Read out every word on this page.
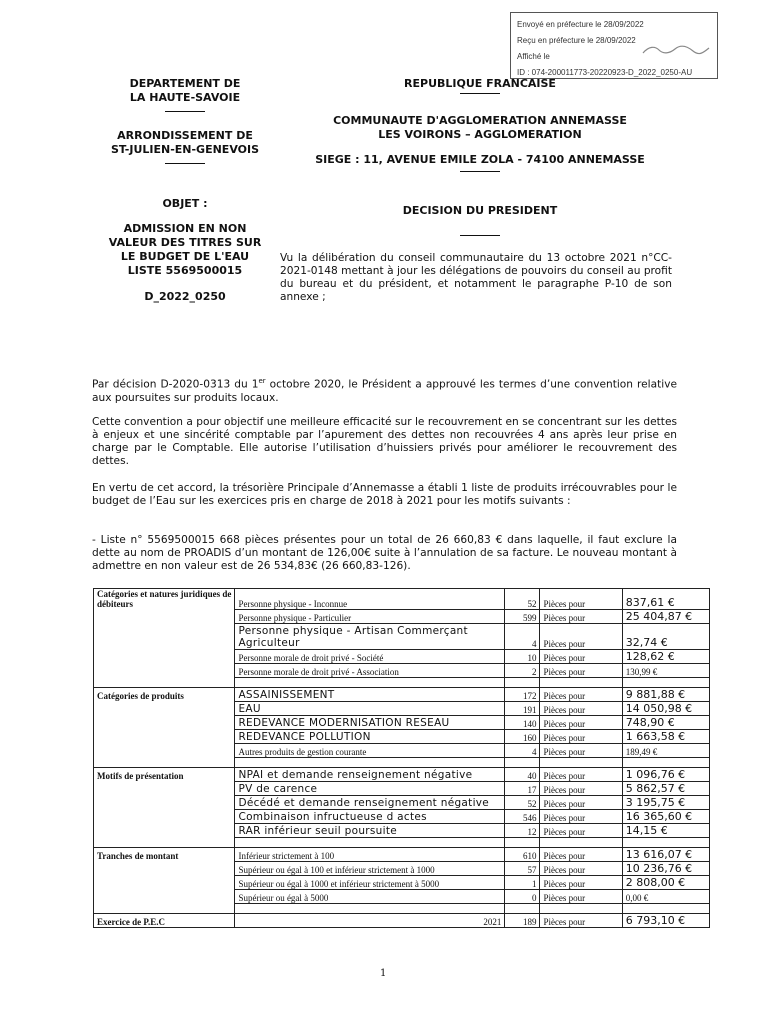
Envoyé en préfecture le 28/09/2022
Reçu en préfecture le 28/09/2022
Affiché le
ID : 074-200011773-20220923-D_2022_0250-AU
DEPARTEMENT DE
LA HAUTE-SAVOIE
ARRONDISSEMENT DE
ST-JULIEN-EN-GENEVOIS
OBJET :
ADMISSION EN NON
VALEUR DES TITRES SUR
LE BUDGET DE L'EAU
LISTE 5569500015
D_2022_0250
REPUBLIQUE FRANCAISE
COMMUNAUTE D'AGGLOMERATION ANNEMASSE
LES VOIRONS – AGGLOMERATION
SIEGE : 11, AVENUE EMILE ZOLA - 74100 ANNEMASSE
DECISION DU PRESIDENT
Vu la délibération du conseil communautaire du 13 octobre 2021 n°CC-2021-0148 mettant à jour les délégations de pouvoirs du conseil au profit du bureau et du président, et notamment le paragraphe P-10 de son annexe ;
Par décision D-2020-0313 du 1er octobre 2020, le Président a approuvé les termes d’une convention relative aux poursuites sur produits locaux.
Cette convention a pour objectif une meilleure efficacité sur le recouvrement en se concentrant sur les dettes à enjeux et une sincérité comptable par l’apurement des dettes non recouvrées 4 ans après leur prise en charge par le Comptable. Elle autorise l’utilisation d’huissiers privés pour améliorer le recouvrement des dettes.
En vertu de cet accord, la trésorière Principale d’Annemasse a établi 1 liste de produits irrécouvrables pour le budget de l’Eau sur les exercices pris en charge de 2018 à 2021 pour les motifs suivants :
- Liste n° 5569500015 668 pièces présentes pour un total de 26 660,83 € dans laquelle, il faut exclure la dette au nom de PROADIS d’un montant de 126,00€ suite à l’annulation de sa facture. Le nouveau montant à admettre en non valeur est de 26 534,83€ (26 660,83-126).
Catégories et natures juridiques de débiteurs	Personne physique - Inconnue	52	Pièces pour	837,61 €
	Personne physique - Particulier	599	Pièces pour	25 404,87 €
	Personne physique - Artisan Commerçant Agriculteur	4	Pièces pour	32,74 €
	Personne morale de droit privé - Société	10	Pièces pour	128,62 €
	Personne morale de droit privé - Association	2	Pièces pour	130,99 €

Catégories de produits	ASSAINISSEMENT	172	Pièces pour	9 881,88 €
	EAU	191	Pièces pour	14 050,98 €
	REDEVANCE MODERNISATION RESEAU	140	Pièces pour	748,90 €
	REDEVANCE POLLUTION	160	Pièces pour	1 663,58 €
	Autres produits de gestion courante	4	Pièces pour	189,49 €

Motifs de présentation	NPAI et demande renseignement négative	40	Pièces pour	1 096,76 €
	PV de carence	17	Pièces pour	5 862,57 €
	Décédé et demande renseignement négative	52	Pièces pour	3 195,75 €
	Combinaison infructueuse d actes	546	Pièces pour	16 365,60 €
	RAR inférieur seuil poursuite	12	Pièces pour	14,15 €

Tranches de montant	Inférieur strictement à 100	610	Pièces pour	13 616,07 €
	Supérieur ou égal à 100 et inférieur strictement à 1000	57	Pièces pour	10 236,76 €
	Supérieur ou égal à 1000 et inférieur strictement à 5000	1	Pièces pour	2 808,00 €
	Supérieur ou égal à 5000	0	Pièces pour	0,00 €

Exercice de P.E.C	2021	189	Pièces pour	6 793,10 €
1
